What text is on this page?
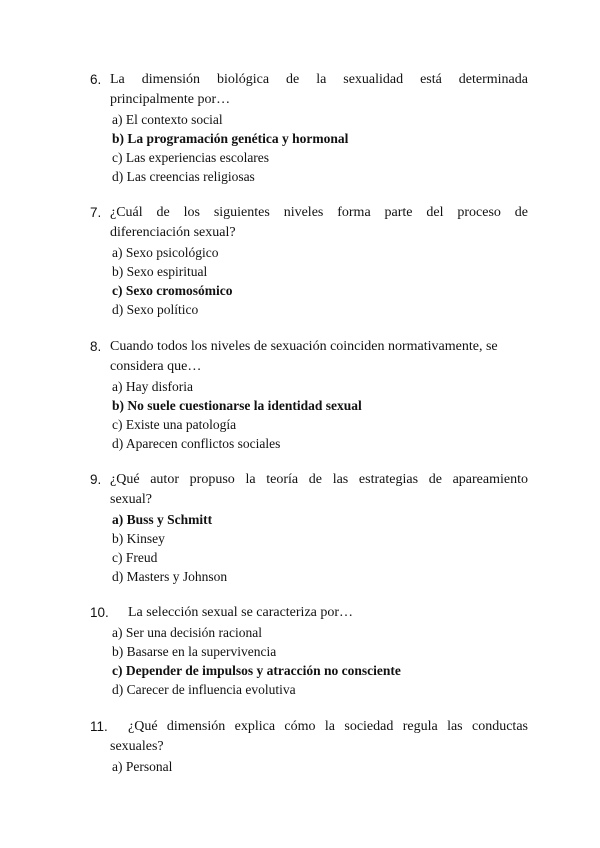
6. La dimensión biológica de la sexualidad está determinada
principalmente por…
a) El contexto social
b) La programación genética y hormonal
c) Las experiencias escolares
d) Las creencias religiosas
7. ¿Cuál de los siguientes niveles forma parte del proceso de
diferenciación sexual?
a) Sexo psicológico
b) Sexo espiritual
c) Sexo cromosómico
d) Sexo político
8. Cuando todos los niveles de sexuación coinciden normativamente, se
considera que…
a) Hay disforia
b) No suele cuestionarse la identidad sexual
c) Existe una patología
d) Aparecen conflictos sociales
9. ¿Qué autor propuso la teoría de las estrategias de apareamiento
sexual?
a) Buss y Schmitt
b) Kinsey
c) Freud
d) Masters y Johnson
10. La selección sexual se caracteriza por…
a) Ser una decisión racional
b) Basarse en la supervivencia
c) Depender de impulsos y atracción no consciente
d) Carecer de influencia evolutiva
11. ¿Qué dimensión explica cómo la sociedad regula las conductas
sexuales?
a) Personal
